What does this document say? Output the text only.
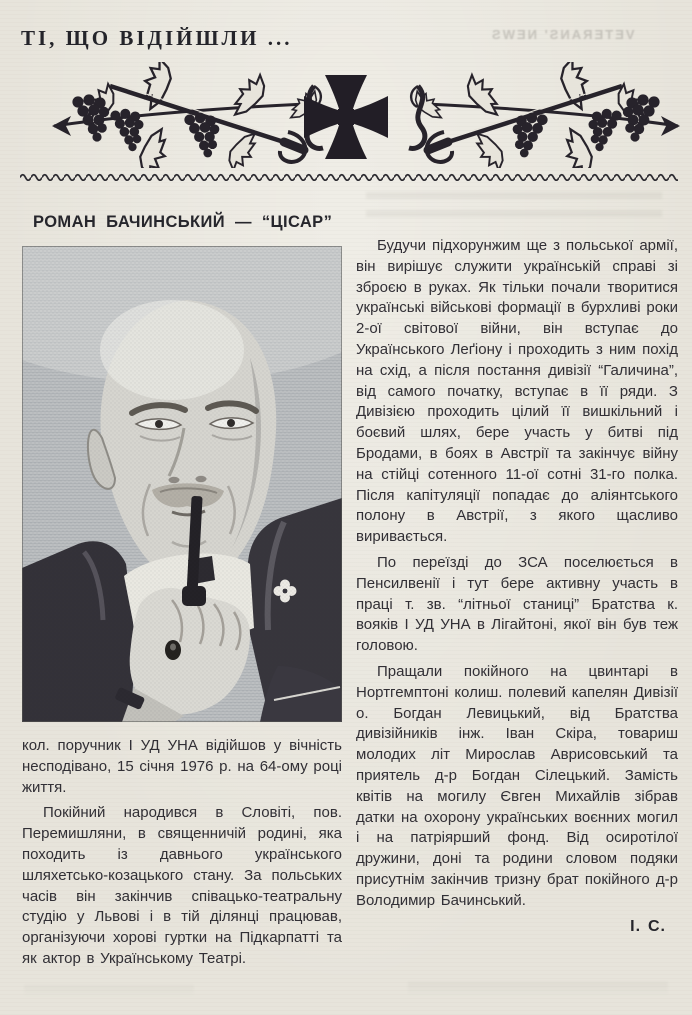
ТІ, ЩО ВІДІЙШЛИ ...	VETERANS' NEWS
РОМАН БАЧИНСЬКИЙ — “ЦІСАР”

кол. поручник І УД УНА відійшов у вічність несподівано, 15 січня 1976 р. на 64-ому році життя.

Покійний народився в Словіті, пов. Перемишляни, в священничій родині, яка походить із давнього українського шляхетсько-козацького стану. За польських часів він закінчив співацько-театральну студію у Львові і в тій ділянці працював, організуючи хорові гуртки на Підкарпатті та як актор в Українському Театрі.

Будучи підхорунжим ще з польської армії, він вирішує служити українській справі зі зброєю в руках. Як тільки почали творитися українські військові формації в бурхливі роки 2-ої світової війни, він вступає до Українського Леґіону і проходить з ним похід на схід, а після постання дивізії “Галичина”, від самого початку, вступає в її ряди. З Дивізією проходить цілий її вишкільний і боєвий шлях, бере участь у битві під Бродами, в боях в Австрії та закінчує війну на стійці сотенного 11-ої сотні 31-го полка. Після капітуляції попадає до аліянтського полону в Австрії, з якого щасливо виривається.

По переїзді до ЗСА поселюється в Пенсилвенії і тут бере активну участь в праці т. зв. “літньої станиці” Братства к. вояків І УД УНА в Лігайтоні, якої він був теж головою.

Пращали покійного на цвинтарі в Нортгемптоні колиш. полевий капелян Дивізії о. Богдан Левицький, від Братства дивізійників інж. Іван Скіра, товариш молодих літ Мирослав Аврисовський та приятель д-р Богдан Сілецький. Замість квітів на могилу Євген Михайлів зібрав датки на охорону українських воєнних могил і на патріярший фонд. Від осиротілої дружини, доні та родини словом подяки присутнім закінчив тризну брат покійного д-р Володимир Бачинський.

І. С.
